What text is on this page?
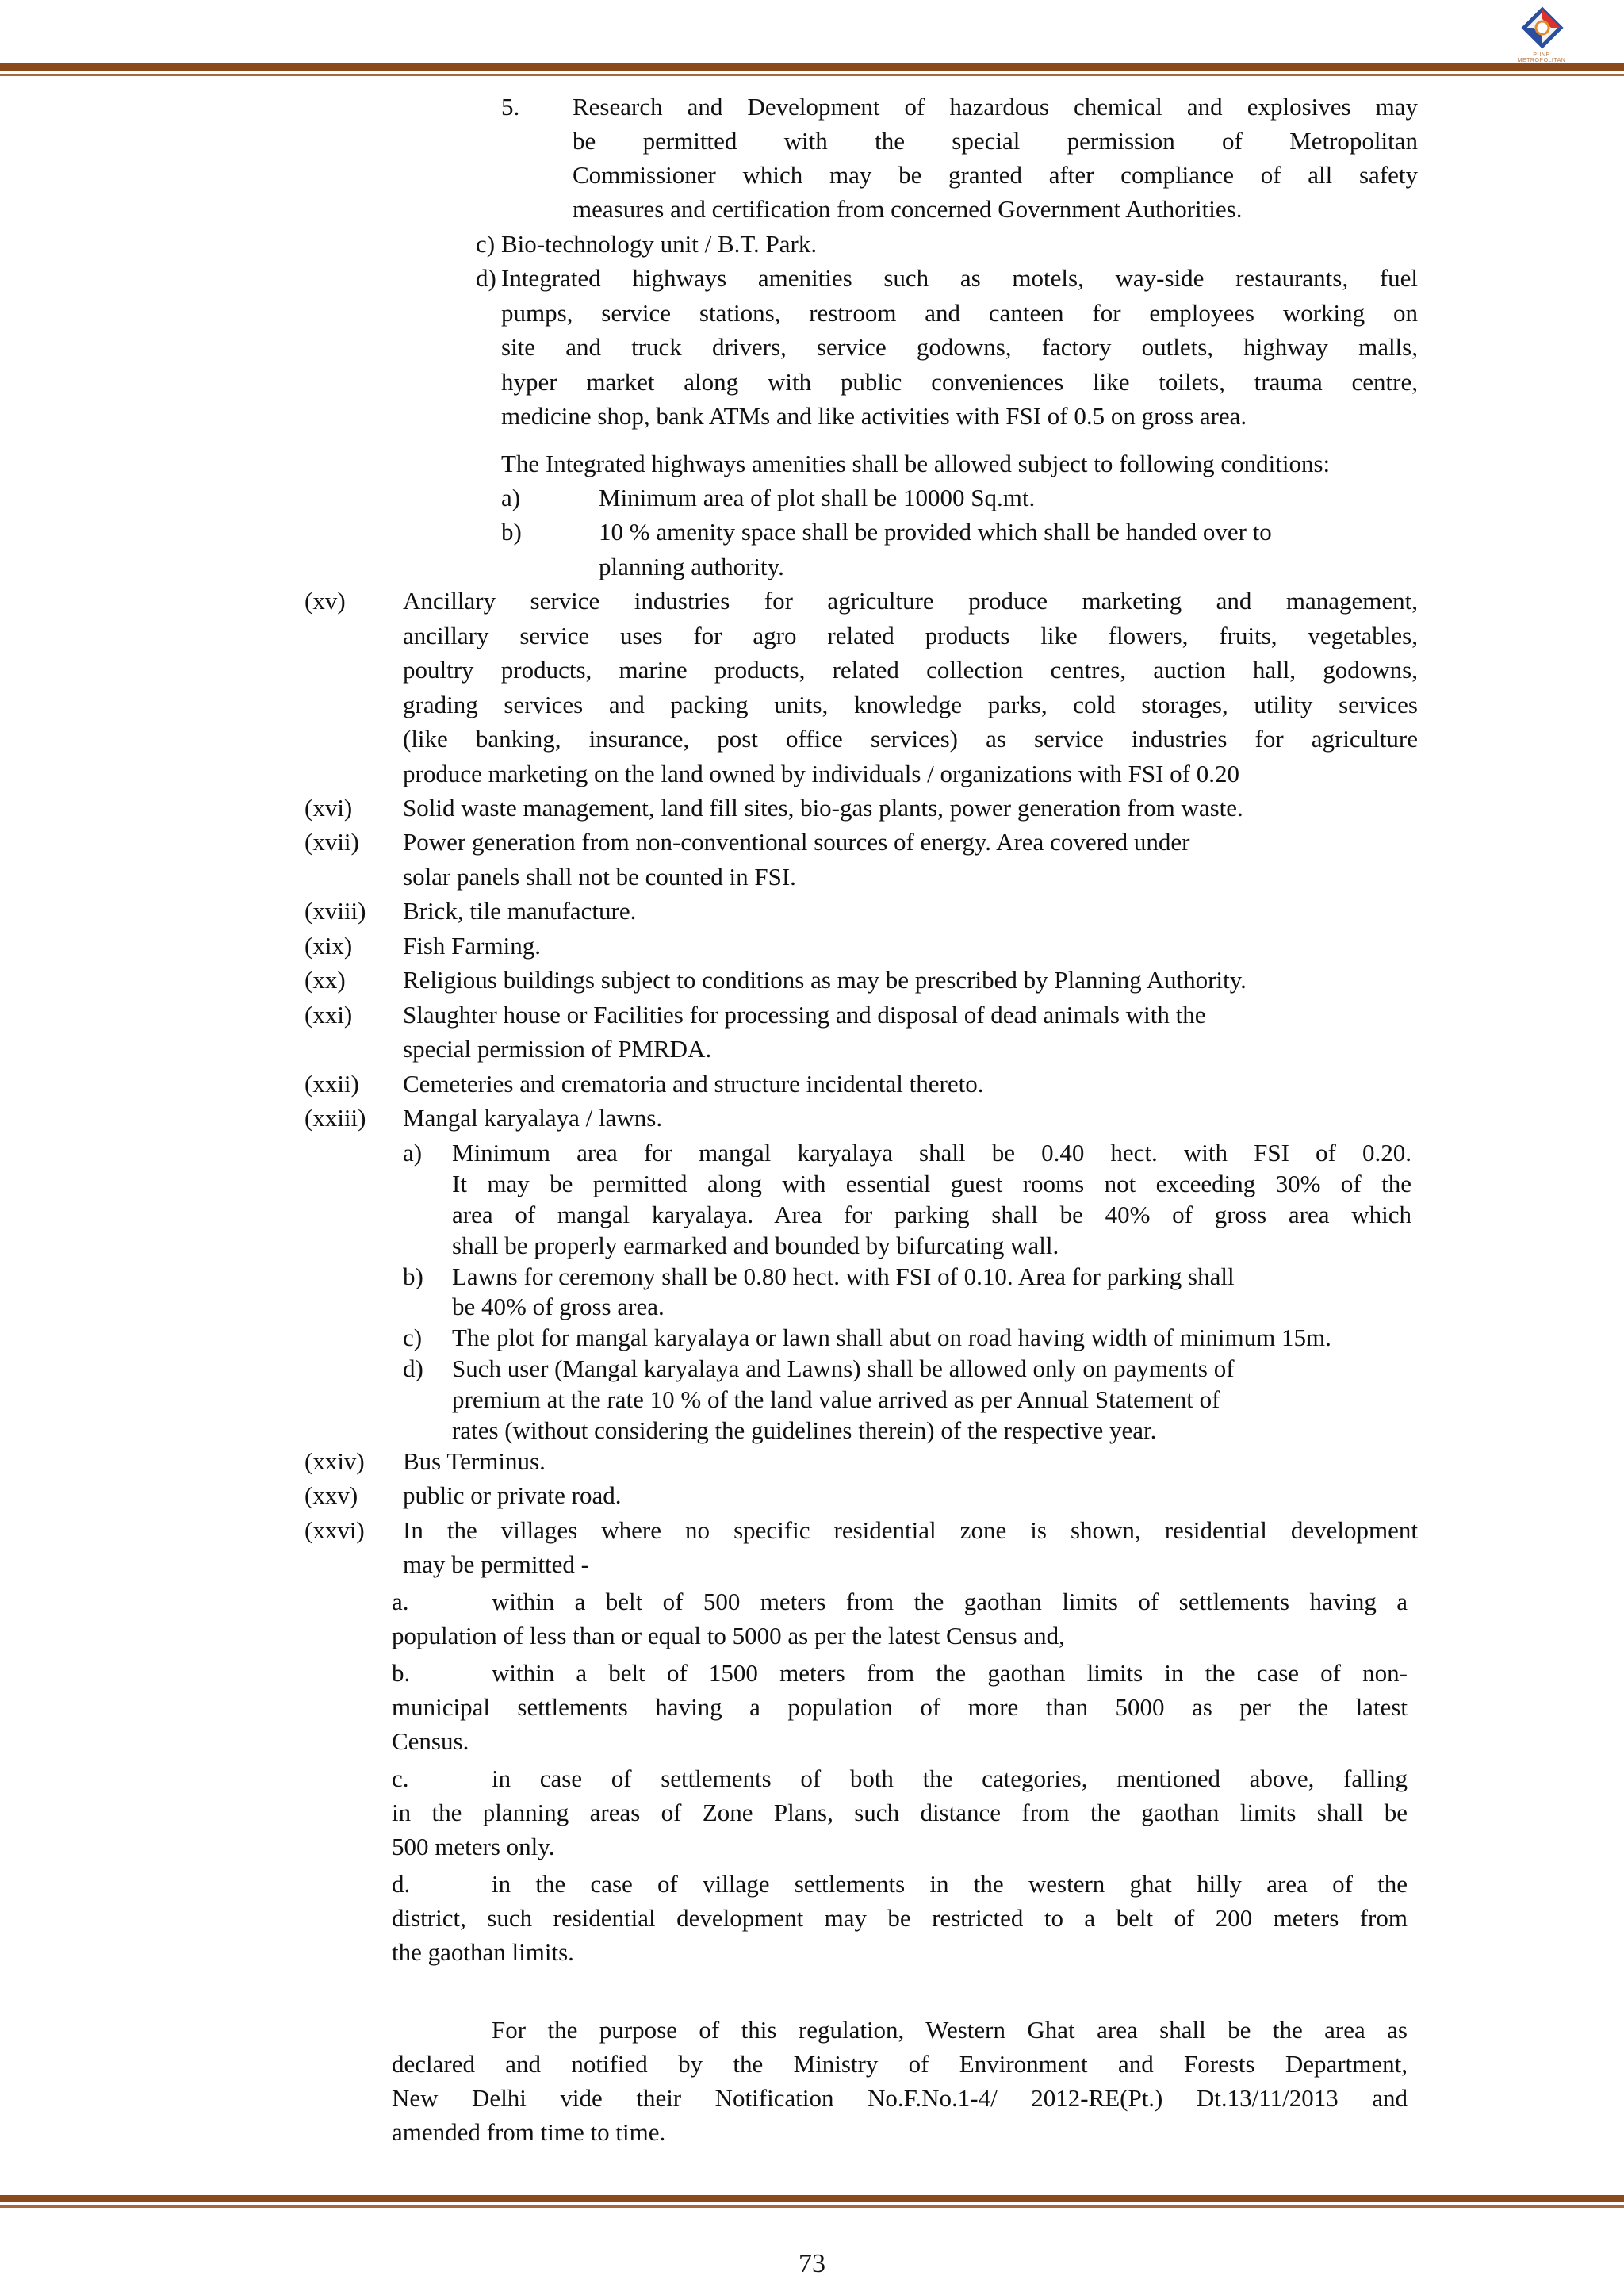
PUNE METROPOLITAN
5. Research and Development of hazardous chemical and explosives may
be permitted with the special permission of Metropolitan
Commissioner which may be granted after compliance of all safety
measures and certification from concerned Government Authorities.
c) Bio-technology unit / B.T. Park.
d) Integrated highways amenities such as motels, way-side restaurants, fuel
pumps, service stations, restroom and canteen for employees working on
site and truck drivers, service godowns, factory outlets, highway malls,
hyper market along with public conveniences like toilets, trauma centre,
medicine shop, bank ATMs and like activities with FSI of 0.5 on gross area.
The Integrated highways amenities shall be allowed subject to following conditions:
a)	Minimum area of plot shall be 10000 Sq.mt.
b)	10 % amenity space shall be provided which shall be handed over to
planning authority.
(xv) Ancillary service industries for agriculture produce marketing and management,
ancillary service uses for agro related products like flowers, fruits, vegetables,
poultry products, marine products, related collection centres, auction hall, godowns,
grading services and packing units, knowledge parks, cold storages, utility services
(like banking, insurance, post office services) as service industries for agriculture
produce marketing on the land owned by individuals / organizations with FSI of 0.20
(xvi) Solid waste management, land fill sites, bio-gas plants, power generation from waste.
(xvii) Power generation from non-conventional sources of energy. Area covered under
solar panels shall not be counted in FSI.
(xviii) Brick, tile manufacture.
(xix) Fish Farming.
(xx) Religious buildings subject to conditions as may be prescribed by Planning Authority.
(xxi) Slaughter house or Facilities for processing and disposal of dead animals with the
special permission of PMRDA.
(xxii) Cemeteries and crematoria and structure incidental thereto.
(xxiii) Mangal karyalaya / lawns.
a) Minimum area for mangal karyalaya shall be 0.40 hect. with FSI of 0.20.
It may be permitted along with essential guest rooms not exceeding 30% of the
area of mangal karyalaya. Area for parking shall be 40% of gross area which
shall be properly earmarked and bounded by bifurcating wall.
b) Lawns for ceremony shall be 0.80 hect. with FSI of 0.10. Area for parking shall
be 40% of gross area.
c) The plot for mangal karyalaya or lawn shall abut on road having width of minimum 15m.
d) Such user (Mangal karyalaya and Lawns) shall be allowed only on payments of
premium at the rate 10 % of the land value arrived as per Annual Statement of
rates (without considering the guidelines therein) of the respective year.
(xxiv) Bus Terminus.
(xxv) public or private road.
(xxvi) In the villages where no specific residential zone is shown, residential development
may be permitted -
a.	within a belt of 500 meters from the gaothan limits of settlements having a
population of less than or equal to 5000 as per the latest Census and,
b.	within a belt of 1500 meters from the gaothan limits in the case of non-
municipal settlements having a population of more than 5000 as per the latest
Census.
c.	in case of settlements of both the categories, mentioned above, falling
in the planning areas of Zone Plans, such distance from the gaothan limits shall be
500 meters only.
d.	in the case of village settlements in the western ghat hilly area of the
district, such residential development may be restricted to a belt of 200 meters from
the gaothan limits.
For the purpose of this regulation, Western Ghat area shall be the area as
declared and notified by the Ministry of Environment and Forests Department,
New Delhi vide their Notification No.F.No.1-4/ 2012-RE(Pt.) Dt.13/11/2013 and
amended from time to time.
73
